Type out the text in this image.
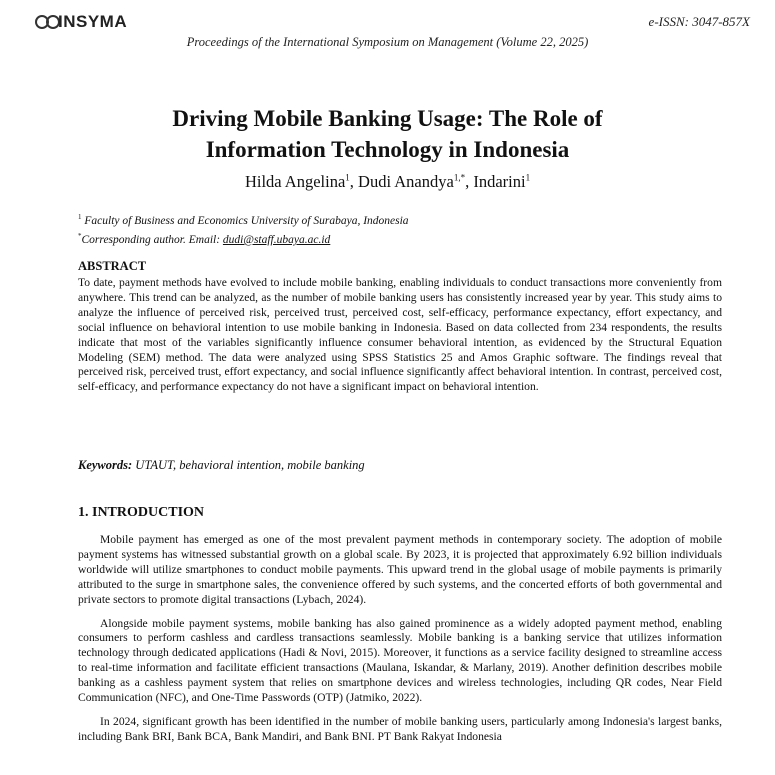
INSYMA	e-ISSN: 3047-857X
Proceedings of the International Symposium on Management (Volume 22, 2025)
Driving Mobile Banking Usage: The Role of
Information Technology in Indonesia
Hilda Angelina$^1$, Dudi Anandya$^{1,*}$, Indarini$^1$
$^1$ Faculty of Business and Economics University of Surabaya, Indonesia
*Corresponding author. Email: dudi@staff.ubaya.ac.id
ABSTRACT

To date, payment methods have evolved to include mobile banking, enabling individuals to conduct transactions more conveniently from anywhere. This trend can be analyzed, as the number of mobile banking users has consistently increased year by year. This study aims to analyze the influence of perceived risk, perceived trust, perceived cost, self-efficacy, performance expectancy, effort expectancy, and social influence on behavioral intention to use mobile banking in Indonesia. Based on data collected from 234 respondents, the results indicate that most of the variables significantly influence consumer behavioral intention, as evidenced by the Structural Equation Modeling (SEM) method. The data were analyzed using SPSS Statistics 25 and Amos Graphic software. The findings reveal that perceived risk, perceived trust, effort expectancy, and social influence significantly affect behavioral intention. In contrast, perceived cost, self-efficacy, and performance expectancy do not have a significant impact on behavioral intention.

Keywords: UTAUT, behavioral intention, mobile banking
1. INTRODUCTION

Mobile payment has emerged as one of the most prevalent payment methods in contemporary society. The adoption of mobile payment systems has witnessed substantial growth on a global scale. By 2023, it is projected that approximately 6.92 billion individuals worldwide will utilize smartphones to conduct mobile payments. This upward trend in the global usage of mobile payments is primarily attributed to the surge in smartphone sales, the convenience offered by such systems, and the concerted efforts of both governmental and private sectors to promote digital transactions (Lybach, 2024).

Alongside mobile payment systems, mobile banking has also gained prominence as a widely adopted payment method, enabling consumers to perform cashless and cardless transactions seamlessly. Mobile banking is a banking service that utilizes information technology through dedicated applications (Hadi & Novi, 2015). Moreover, it functions as a service facility designed to streamline access to real-time information and facilitate efficient transactions (Maulana, Iskandar, & Marlany, 2019). Another definition describes mobile banking as a cashless payment system that relies on smartphone devices and wireless technologies, including QR codes, Near Field Communication (NFC), and One-Time Passwords (OTP) (Jatmiko, 2022).

In 2024, significant growth has been identified in the number of mobile banking users, particularly among Indonesia's largest banks, including Bank BRI, Bank BCA, Bank Mandiri, and Bank BNI. PT Bank Rakyat Indonesia
